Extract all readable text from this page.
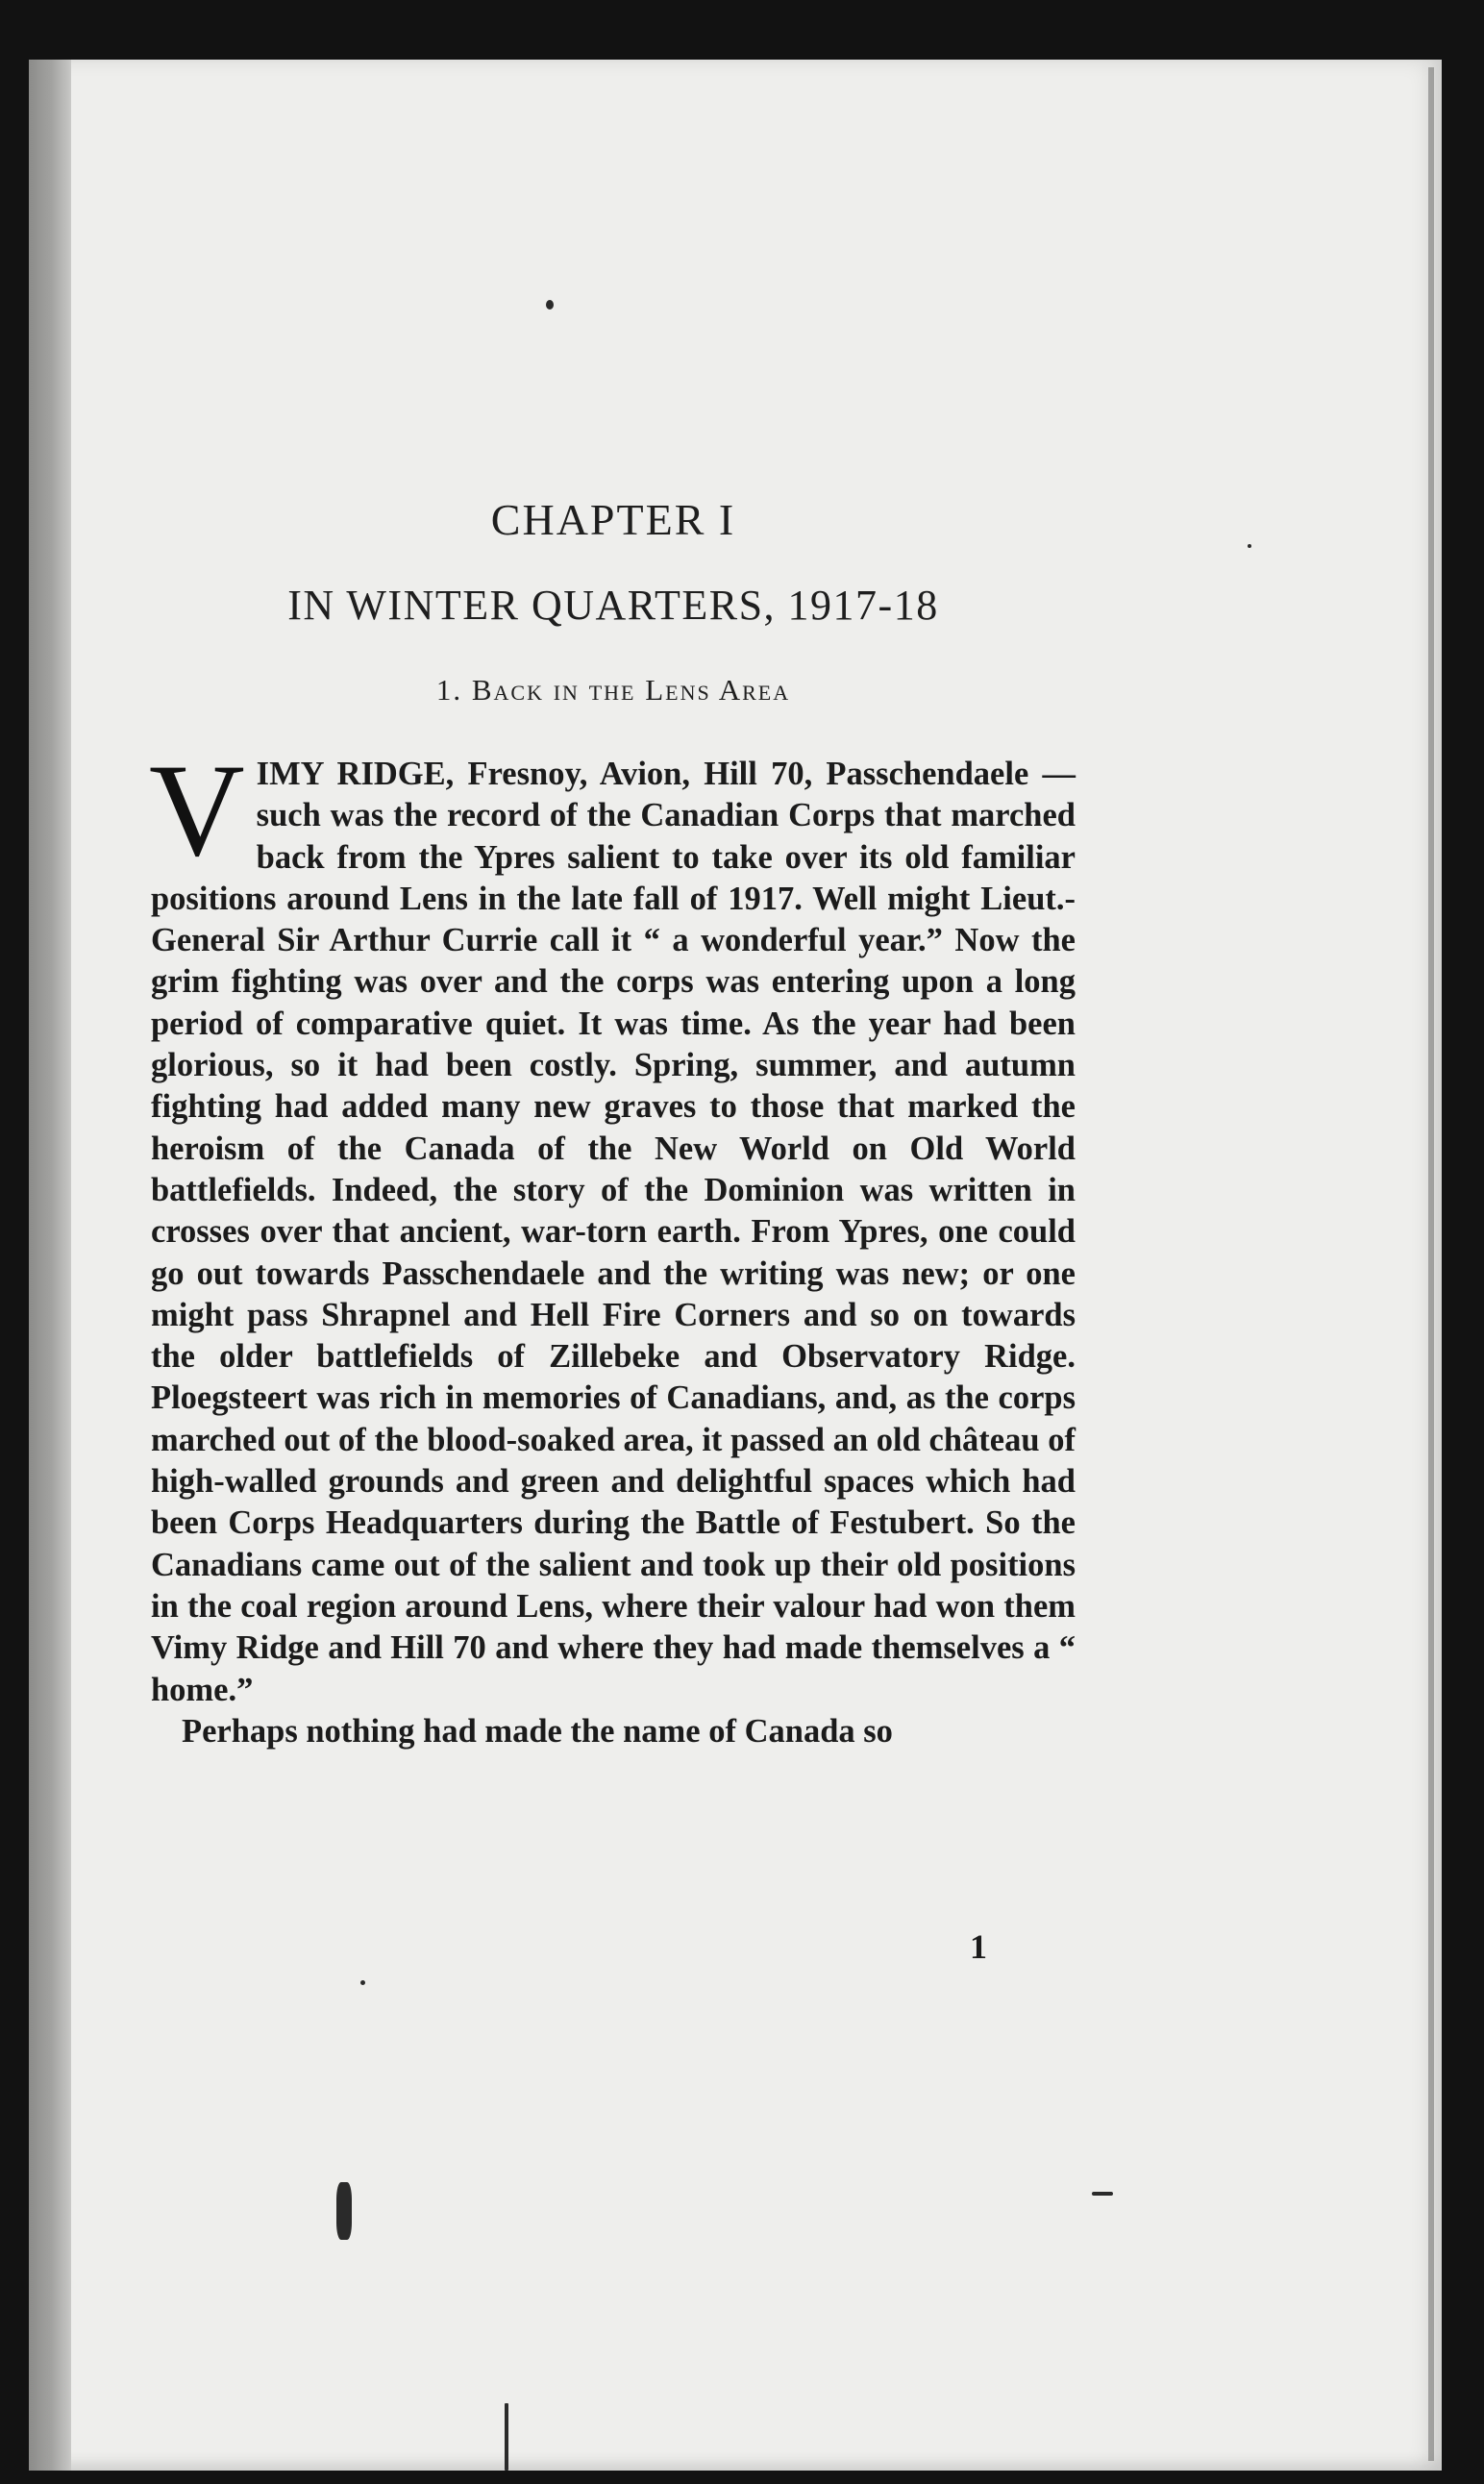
CHAPTER I
IN WINTER QUARTERS, 1917-18
1. Back in the Lens Area

VIMY RIDGE, Fresnoy, Avion, Hill 70, Passchendaele — such was the record of the Canadian Corps that marched back from the Ypres salient to take over its old familiar positions around Lens in the late fall of 1917. Well might Lieut.-General Sir Arthur Currie call it “ a wonderful year.” Now the grim fighting was over and the corps was entering upon a long period of comparative quiet. It was time. As the year had been glorious, so it had been costly. Spring, summer, and autumn fighting had added many new graves to those that marked the heroism of the Canada of the New World on Old World battlefields. Indeed, the story of the Dominion was written in crosses over that ancient, war-torn earth. From Ypres, one could go out towards Passchendaele and the writing was new; or one might pass Shrapnel and Hell Fire Corners and so on towards the older battlefields of Zillebeke and Observatory Ridge. Ploegsteert was rich in memories of Canadians, and, as the corps marched out of the blood-soaked area, it passed an old château of high-walled grounds and green and delightful spaces which had been Corps Headquarters during the Battle of Festubert. So the Canadians came out of the salient and took up their old positions in the coal region around Lens, where their valour had won them Vimy Ridge and Hill 70 and where they had made themselves a “ home.”

Perhaps nothing had made the name of Canada so

1
